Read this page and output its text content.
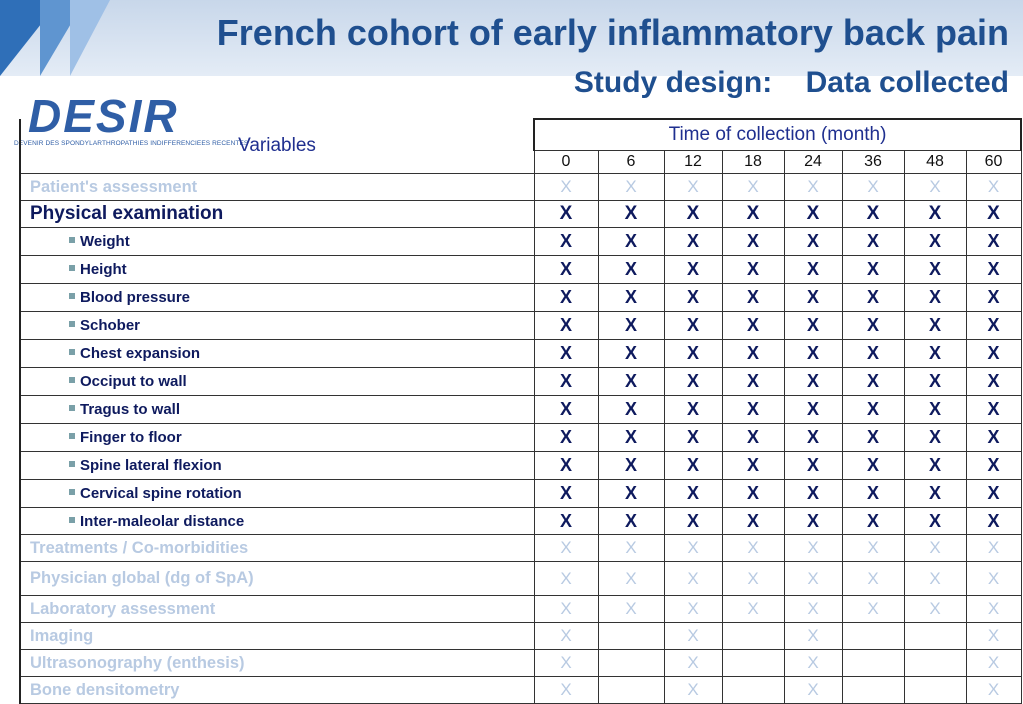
French cohort of early inflammatory back pain
Study design:    Data collected
DESIR
DEVENIR DES SPONDYLARTHROPATHIES INDIFFERENCIEES RECENTES
Variables	Time of collection (month)							
	0	6	12	18	24	36	48	60
Patient's assessment	X	X	X	X	X	X	X	X
Physical examination	X	X	X	X	X	X	X	X
Weight	X	X	X	X	X	X	X	X
Height	X	X	X	X	X	X	X	X
Blood pressure	X	X	X	X	X	X	X	X
Schober	X	X	X	X	X	X	X	X
Chest expansion	X	X	X	X	X	X	X	X
Occiput to wall	X	X	X	X	X	X	X	X
Tragus to wall	X	X	X	X	X	X	X	X
Finger to floor	X	X	X	X	X	X	X	X
Spine lateral flexion	X	X	X	X	X	X	X	X
Cervical spine rotation	X	X	X	X	X	X	X	X
Inter-maleolar distance	X	X	X	X	X	X	X	X
Treatments / Co-morbidities	X	X	X	X	X	X	X	X
Physician global (dg of SpA)	X	X	X	X	X	X	X	X
Laboratory assessment	X	X	X	X	X	X	X	X
Imaging	X		X		X			X
Ultrasonography (enthesis)	X		X		X			X
Bone densitometry	X		X		X			X
